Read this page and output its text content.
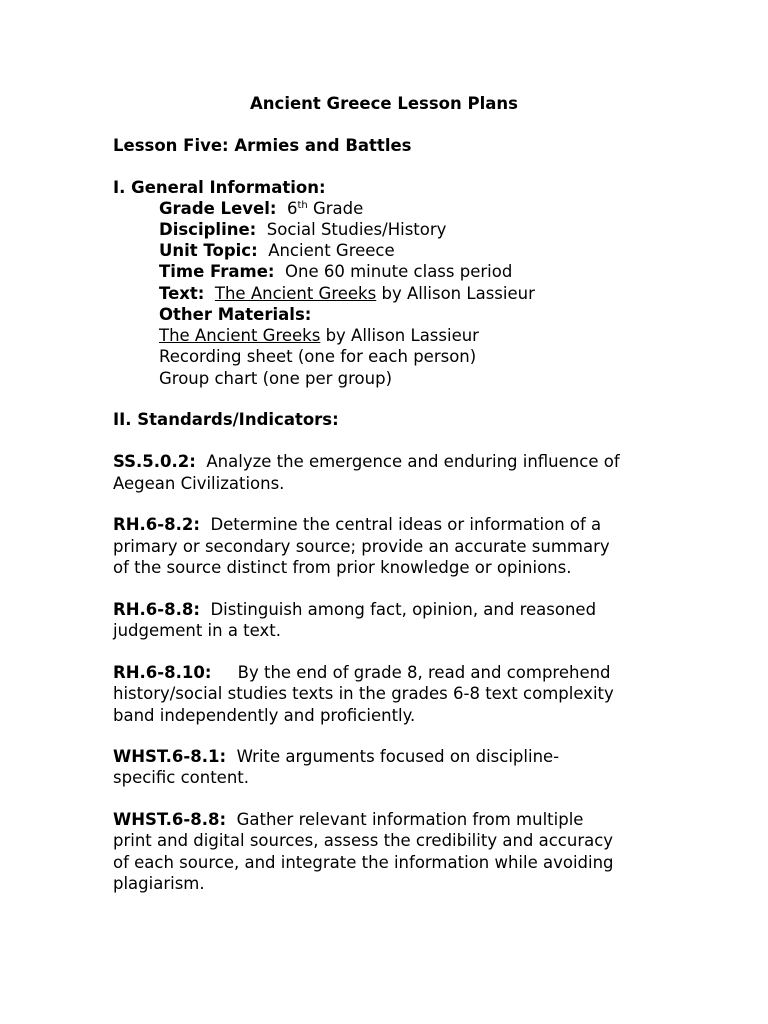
Ancient Greece Lesson Plans
Lesson Five: Armies and Battles
I. General Information:
Grade Level: 6th Grade
Discipline: Social Studies/History
Unit Topic: Ancient Greece
Time Frame: One 60 minute class period
Text: The Ancient Greeks by Allison Lassieur
Other Materials:
The Ancient Greeks by Allison Lassieur
Recording sheet (one for each person)
Group chart (one per group)
II. Standards/Indicators:
SS.5.0.2: Analyze the emergence and enduring influence of
Aegean Civilizations.
RH.6-8.2: Determine the central ideas or information of a
primary or secondary source; provide an accurate summary
of the source distinct from prior knowledge or opinions.
RH.6-8.8: Distinguish among fact, opinion, and reasoned
judgement in a text.
RH.6-8.10: By the end of grade 8, read and comprehend
history/social studies texts in the grades 6-8 text complexity
band independently and proficiently.
WHST.6-8.1: Write arguments focused on discipline-
specific content.
WHST.6-8.8: Gather relevant information from multiple
print and digital sources, assess the credibility and accuracy
of each source, and integrate the information while avoiding
plagiarism.
